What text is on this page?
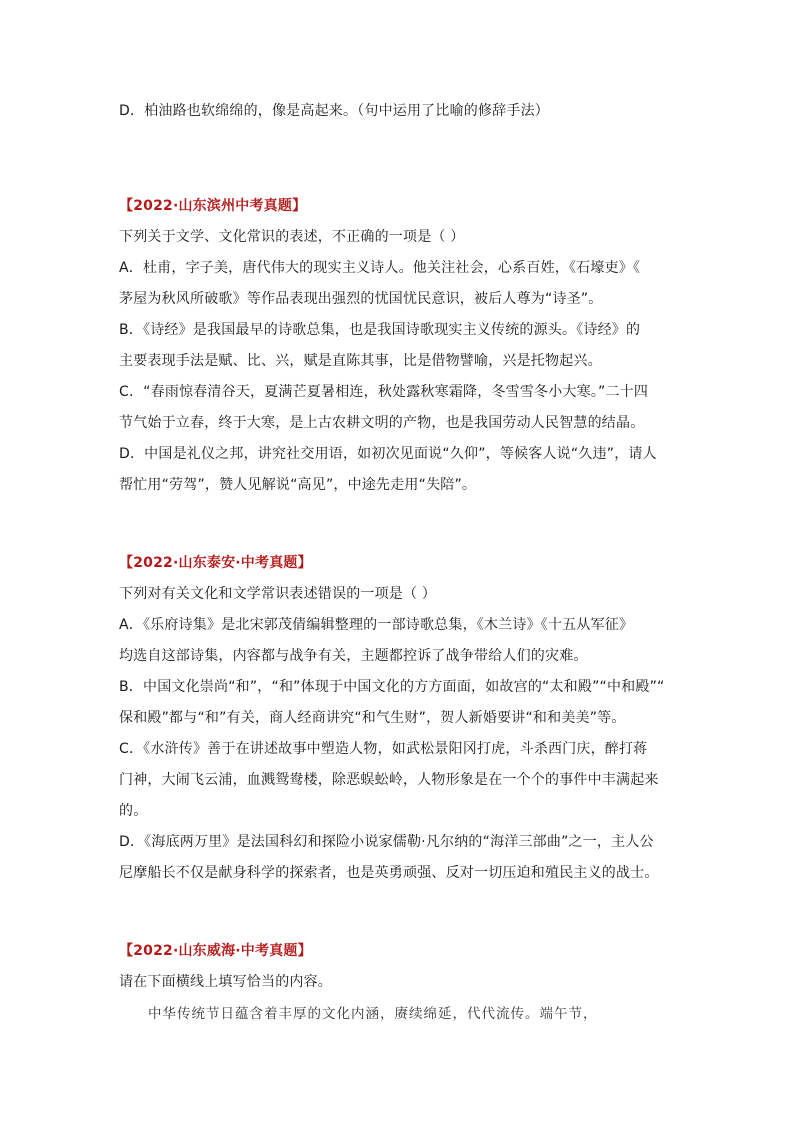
D．柏油路也软绵绵的，像是高起来。（句中运用了比喻的修辞手法）
【2022·山东滨州中考真题】
下列关于文学、文化常识的表述，不正确的一项是（ ）
A．杜甫，字子美，唐代伟大的现实主义诗人。他关注社会，心系百姓，《石壕吏》《
茅屋为秋风所破歌》等作品表现出强烈的忧国忧民意识，被后人尊为“诗圣”。
B．《诗经》是我国最早的诗歌总集，也是我国诗歌现实主义传统的源头。《诗经》的
主要表现手法是赋、比、兴，赋是直陈其事，比是借物譬喻，兴是托物起兴。
C．“春雨惊春清谷天，夏满芒夏暑相连，秋处露秋寒霜降，冬雪雪冬小大寒。”二十四
节气始于立春，终于大寒，是上古农耕文明的产物，也是我国劳动人民智慧的结晶。
D．中国是礼仪之邦，讲究社交用语，如初次见面说“久仰”，等候客人说“久违”，请人
帮忙用“劳驾”，赞人见解说“高见”，中途先走用“失陪”。
【2022·山东泰安·中考真题】
下列对有关文化和文学常识表述错误的一项是（ ）
A．《乐府诗集》是北宋郭茂倩编辑整理的一部诗歌总集，《木兰诗》《十五从军征》
均选自这部诗集，内容都与战争有关，主题都控诉了战争带给人们的灾难。
B．中国文化崇尚“和”，“和”体现于中国文化的方方面面，如故宫的“太和殿”“中和殿”“
保和殿”都与“和”有关，商人经商讲究“和气生财”，贺人新婚要讲“和和美美”等。
C．《水浒传》善于在讲述故事中塑造人物，如武松景阳冈打虎，斗杀西门庆，醉打蒋
门神，大闹飞云浦，血溅鸳鸯楼，除恶蜈蚣岭，人物形象是在一个个的事件中丰满起来
的。
D．《海底两万里》是法国科幻和探险小说家儒勒·凡尔纳的“海洋三部曲”之一，主人公
尼摩船长不仅是献身科学的探索者，也是英勇顽强、反对一切压迫和殖民主义的战士。
【2022·山东威海·中考真题】
请在下面横线上填写恰当的内容。
中华传统节日蕴含着丰厚的文化内涵，赓续绵延，代代流传。端午节，
